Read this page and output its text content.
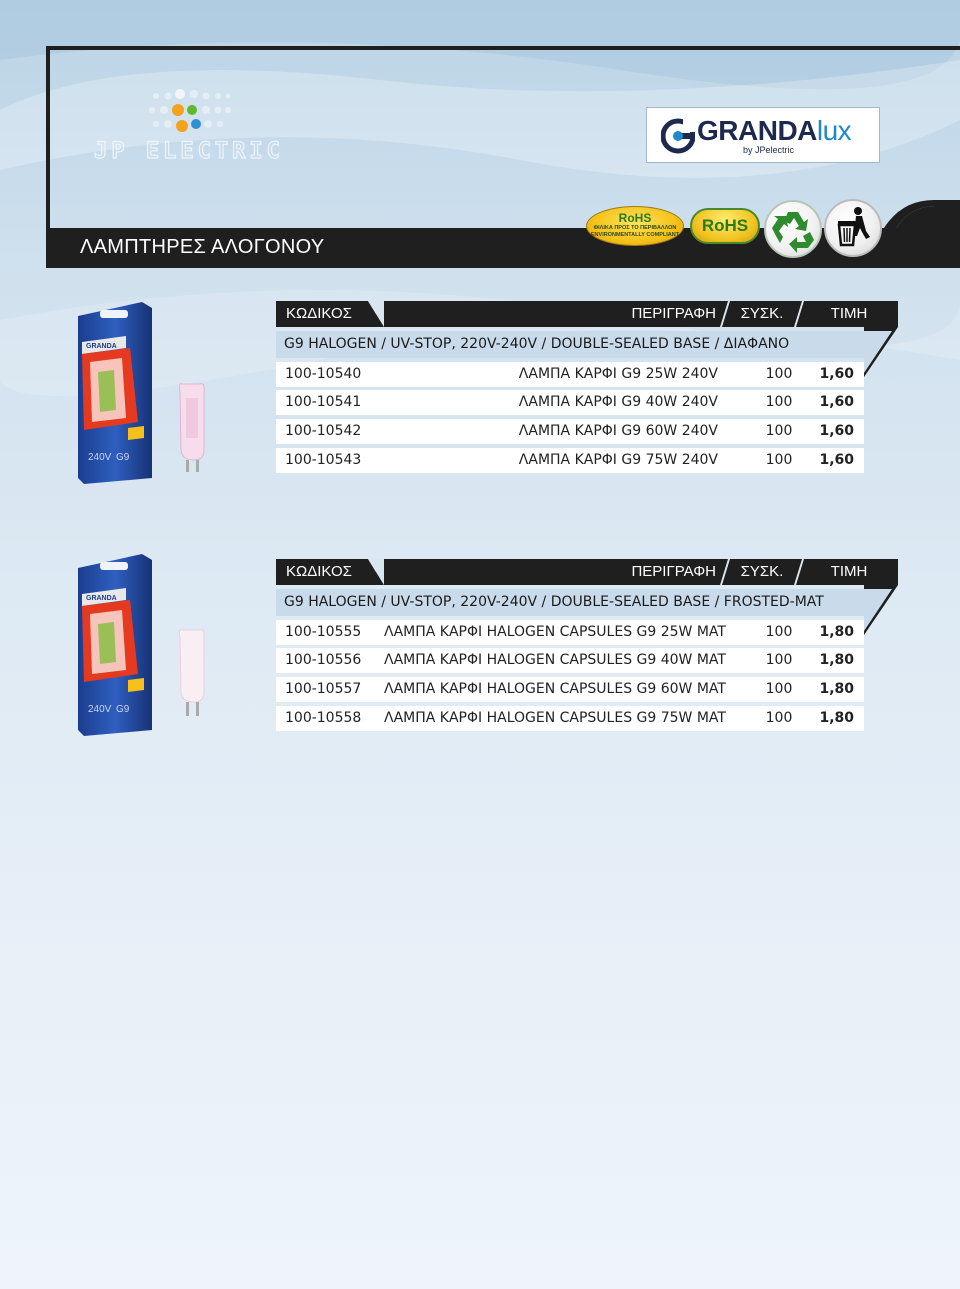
ΛΑΜΠΤΗΡΕΣ ΑΛΟΓΟΝΟΥ
JP ELECTRIC
GRANDAlux
by JPelectric
RoHS
ΦΙΛΙΚΑ ΠΡΟΣ ΤΟ ΠΕΡΙΒΑΛΛΟΝ
ENVIRONMENTALLY COMPLIANT	RoHS
240V G9
GRANDA
240V G9
GRANDA
ΚΩΔΙΚΟΣ	ΠΕΡΙΓΡΑΦΗ	ΣΥΣΚ.	ΤΙΜΗ
G9 HALOGEN / UV-STOP, 220V-240V / DOUBLE-SEALED BASE / ΔΙΑΦΑΝΟ
100-10540	ΛΑΜΠΑ ΚΑΡΦΙ G9 25W 240V	100	1,60
100-10541	ΛΑΜΠΑ ΚΑΡΦΙ G9 40W 240V	100	1,60
100-10542	ΛΑΜΠΑ ΚΑΡΦΙ G9 60W 240V	100	1,60
100-10543	ΛΑΜΠΑ ΚΑΡΦΙ G9 75W 240V	100	1,60
ΚΩΔΙΚΟΣ	ΠΕΡΙΓΡΑΦΗ	ΣΥΣΚ.	ΤΙΜΗ
G9 HALOGEN / UV-STOP, 220V-240V / DOUBLE-SEALED BASE / FROSTED-MAT
100-10555 ΛΑΜΠΑ ΚΑΡΦΙ HALOGEN CAPSULES G9 25W MAT	100	1,80
100-10556 ΛΑΜΠΑ ΚΑΡΦΙ HALOGEN CAPSULES G9 40W MAT	100	1,80
100-10557 ΛΑΜΠΑ ΚΑΡΦΙ HALOGEN CAPSULES G9 60W MAT	100	1,80
100-10558 ΛΑΜΠΑ ΚΑΡΦΙ HALOGEN CAPSULES G9 75W MAT	100	1,80
